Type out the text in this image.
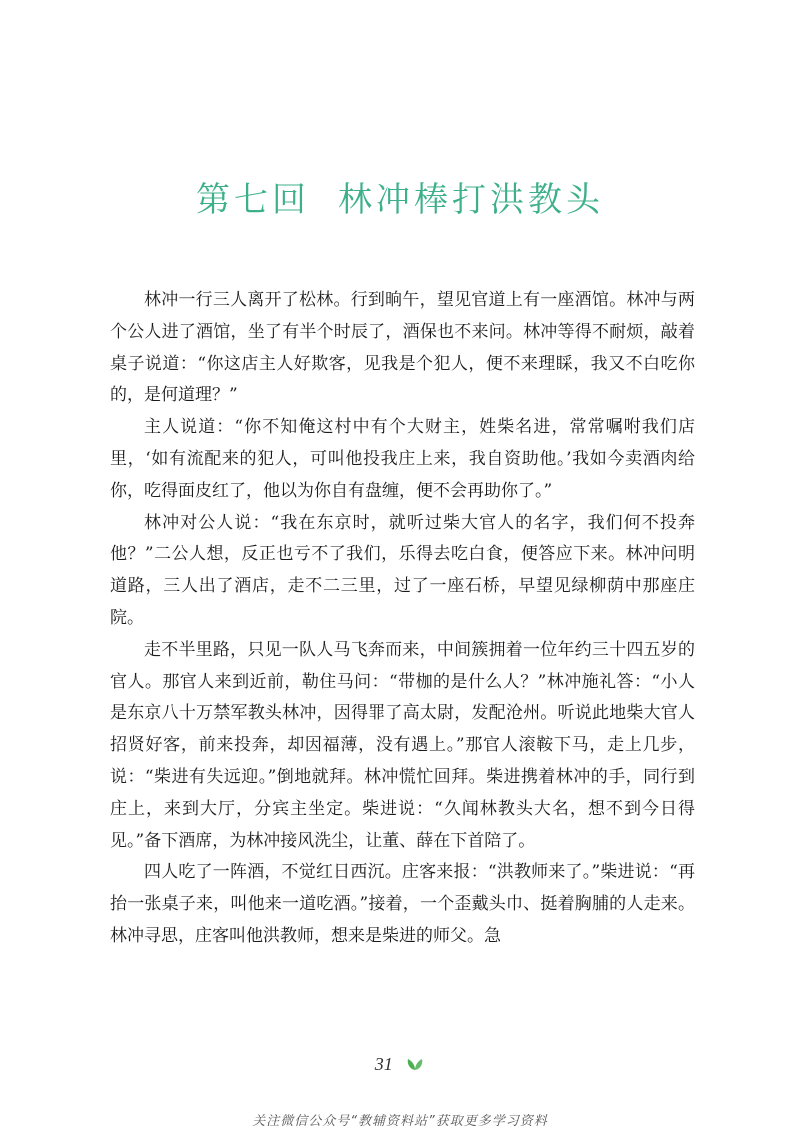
第七回 林冲棒打洪教头

林冲一行三人离开了松林。行到晌午，望见官道上有一座酒馆。林冲与两个公人进了酒馆，坐了有半个时辰了，酒保也不来问。林冲等得不耐烦，敲着桌子说道：“你这店主人好欺客，见我是个犯人，便不来理睬，我又不白吃你的，是何道理？”

主人说道：“你不知俺这村中有个大财主，姓柴名进，常常嘱咐我们店里，‘如有流配来的犯人，可叫他投我庄上来，我自资助他。’我如今卖酒肉给你，吃得面皮红了，他以为你自有盘缠，便不会再助你了。”

林冲对公人说：“我在东京时，就听过柴大官人的名字，我们何不投奔他？”二公人想，反正也亏不了我们，乐得去吃白食，便答应下来。林冲问明道路，三人出了酒店，走不二三里，过了一座石桥，早望见绿柳荫中那座庄院。

走不半里路，只见一队人马飞奔而来，中间簇拥着一位年约三十四五岁的官人。那官人来到近前，勒住马问：“带枷的是什么人？”林冲施礼答：“小人是东京八十万禁军教头林冲，因得罪了高太尉，发配沧州。听说此地柴大官人招贤好客，前来投奔，却因福薄，没有遇上。”那官人滚鞍下马，走上几步，说：“柴进有失远迎。”倒地就拜。林冲慌忙回拜。柴进携着林冲的手，同行到庄上，来到大厅，分宾主坐定。柴进说：“久闻林教头大名，想不到今日得见。”备下酒席，为林冲接风洗尘，让董、薛在下首陪了。

四人吃了一阵酒，不觉红日西沉。庄客来报：“洪教师来了。”柴进说：“再抬一张桌子来，叫他来一道吃酒。”接着，一个歪戴头巾、挺着胸脯的人走来。林冲寻思，庄客叫他洪教师，想来是柴进的师父。急

31
关注微信公众号“教辅资料站”获取更多学习资料
